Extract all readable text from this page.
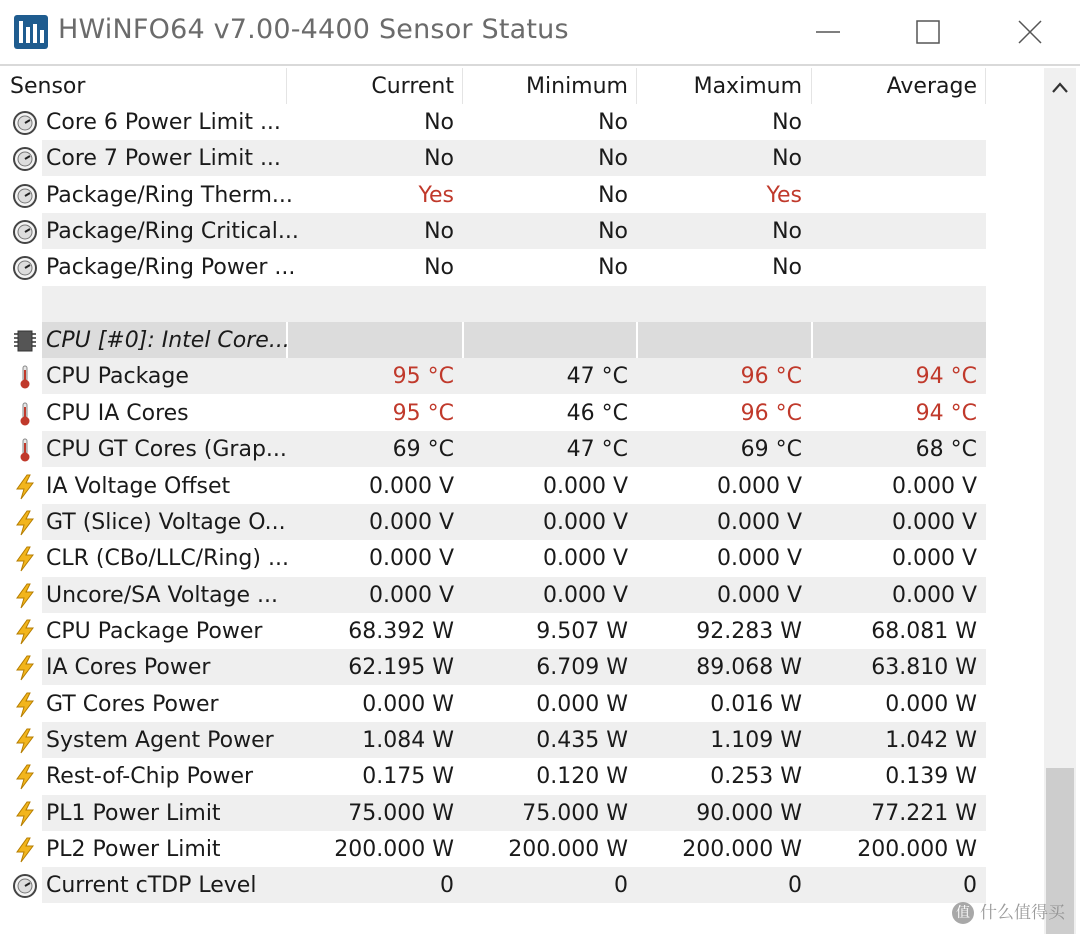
HWiNFO64 v7.00-4400 Sensor Status
Sensor	Current	Minimum	Maximum	Average
Core 6 Power Limit ...	No	No	No
Core 7 Power Limit ...	No	No	No
Package/Ring Therm...	Yes	No	Yes
Package/Ring Critical...	No	No	No
Package/Ring Power ...	No	No	No
CPU [#0]: Intel Core...
CPU Package	95 °C	47 °C	96 °C	94 °C
CPU IA Cores	95 °C	46 °C	96 °C	94 °C
CPU GT Cores (Grap...	69 °C	47 °C	69 °C	68 °C
IA Voltage Offset	0.000 V	0.000 V	0.000 V	0.000 V
GT (Slice) Voltage O...	0.000 V	0.000 V	0.000 V	0.000 V
CLR (CBo/LLC/Ring) ...	0.000 V	0.000 V	0.000 V	0.000 V
Uncore/SA Voltage ...	0.000 V	0.000 V	0.000 V	0.000 V
CPU Package Power	68.392 W	9.507 W	92.283 W	68.081 W
IA Cores Power	62.195 W	6.709 W	89.068 W	63.810 W
GT Cores Power	0.000 W	0.000 W	0.016 W	0.000 W
System Agent Power	1.084 W	0.435 W	1.109 W	1.042 W
Rest-of-Chip Power	0.175 W	0.120 W	0.253 W	0.139 W
PL1 Power Limit	75.000 W	75.000 W	90.000 W	77.221 W
PL2 Power Limit	200.000 W	200.000 W	200.000 W	200.000 W
Current cTDP Level	0	0	0	0
值 什么值得买
